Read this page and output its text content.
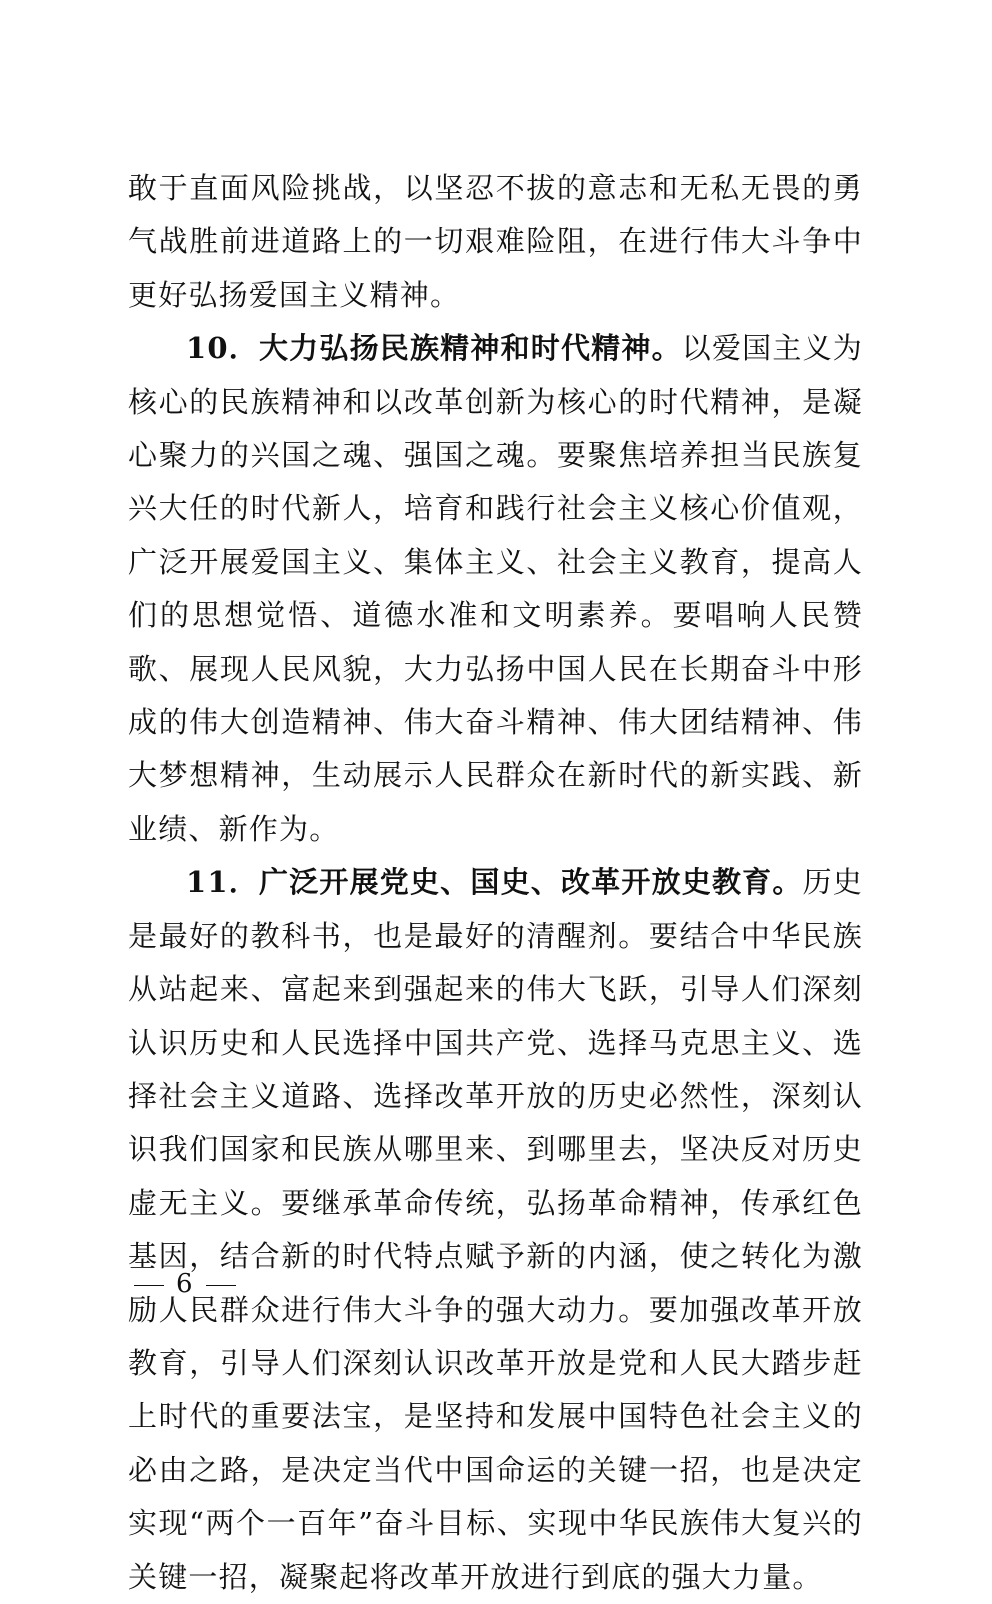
敢于直面风险挑战，以坚忍不拔的意志和无私无畏的勇气战胜前进道路上的一切艰难险阻，在进行伟大斗争中更好弘扬爱国主义精神。

10．大力弘扬民族精神和时代精神。以爱国主义为核心的民族精神和以改革创新为核心的时代精神，是凝心聚力的兴国之魂、强国之魂。要聚焦培养担当民族复兴大任的时代新人，培育和践行社会主义核心价值观，广泛开展爱国主义、集体主义、社会主义教育，提高人们的思想觉悟、道德水准和文明素养。要唱响人民赞歌、展现人民风貌，大力弘扬中国人民在长期奋斗中形成的伟大创造精神、伟大奋斗精神、伟大团结精神、伟大梦想精神，生动展示人民群众在新时代的新实践、新业绩、新作为。

11．广泛开展党史、国史、改革开放史教育。历史是最好的教科书，也是最好的清醒剂。要结合中华民族从站起来、富起来到强起来的伟大飞跃，引导人们深刻认识历史和人民选择中国共产党、选择马克思主义、选择社会主义道路、选择改革开放的历史必然性，深刻认识我们国家和民族从哪里来、到哪里去，坚决反对历史虚无主义。要继承革命传统，弘扬革命精神，传承红色基因，结合新的时代特点赋予新的内涵，使之转化为激励人民群众进行伟大斗争的强大动力。要加强改革开放教育，引导人们深刻认识改革开放是党和人民大踏步赶上时代的重要法宝，是坚持和发展中国特色社会主义的必由之路，是决定当代中国命运的关键一招，也是决定实现“两个一百年”奋斗目标、实现中华民族伟大复兴的关键一招，凝聚起将改革开放进行到底的强大力量。

6
